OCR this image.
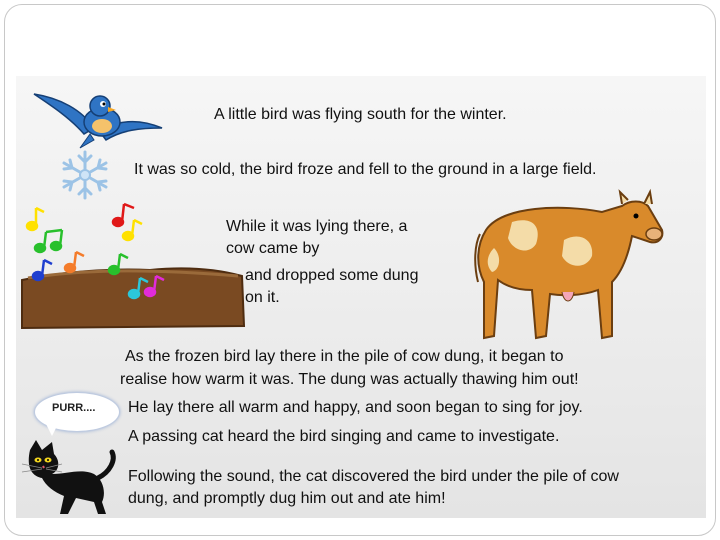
PURR....
A little bird was flying south for the winter.
It was so cold, the bird froze and fell to the ground in a large field.
While it was lying there, a
cow came by
and dropped some dung
on it.
As the frozen bird lay there in the pile of cow dung, it began to
realise how warm it was. The dung was actually thawing him out!
He lay there all warm and happy, and soon began to sing for joy.
A passing cat heard the bird singing and came to investigate.
Following the sound, the cat discovered the bird under the pile of cow
dung, and promptly dug him out and ate him!
